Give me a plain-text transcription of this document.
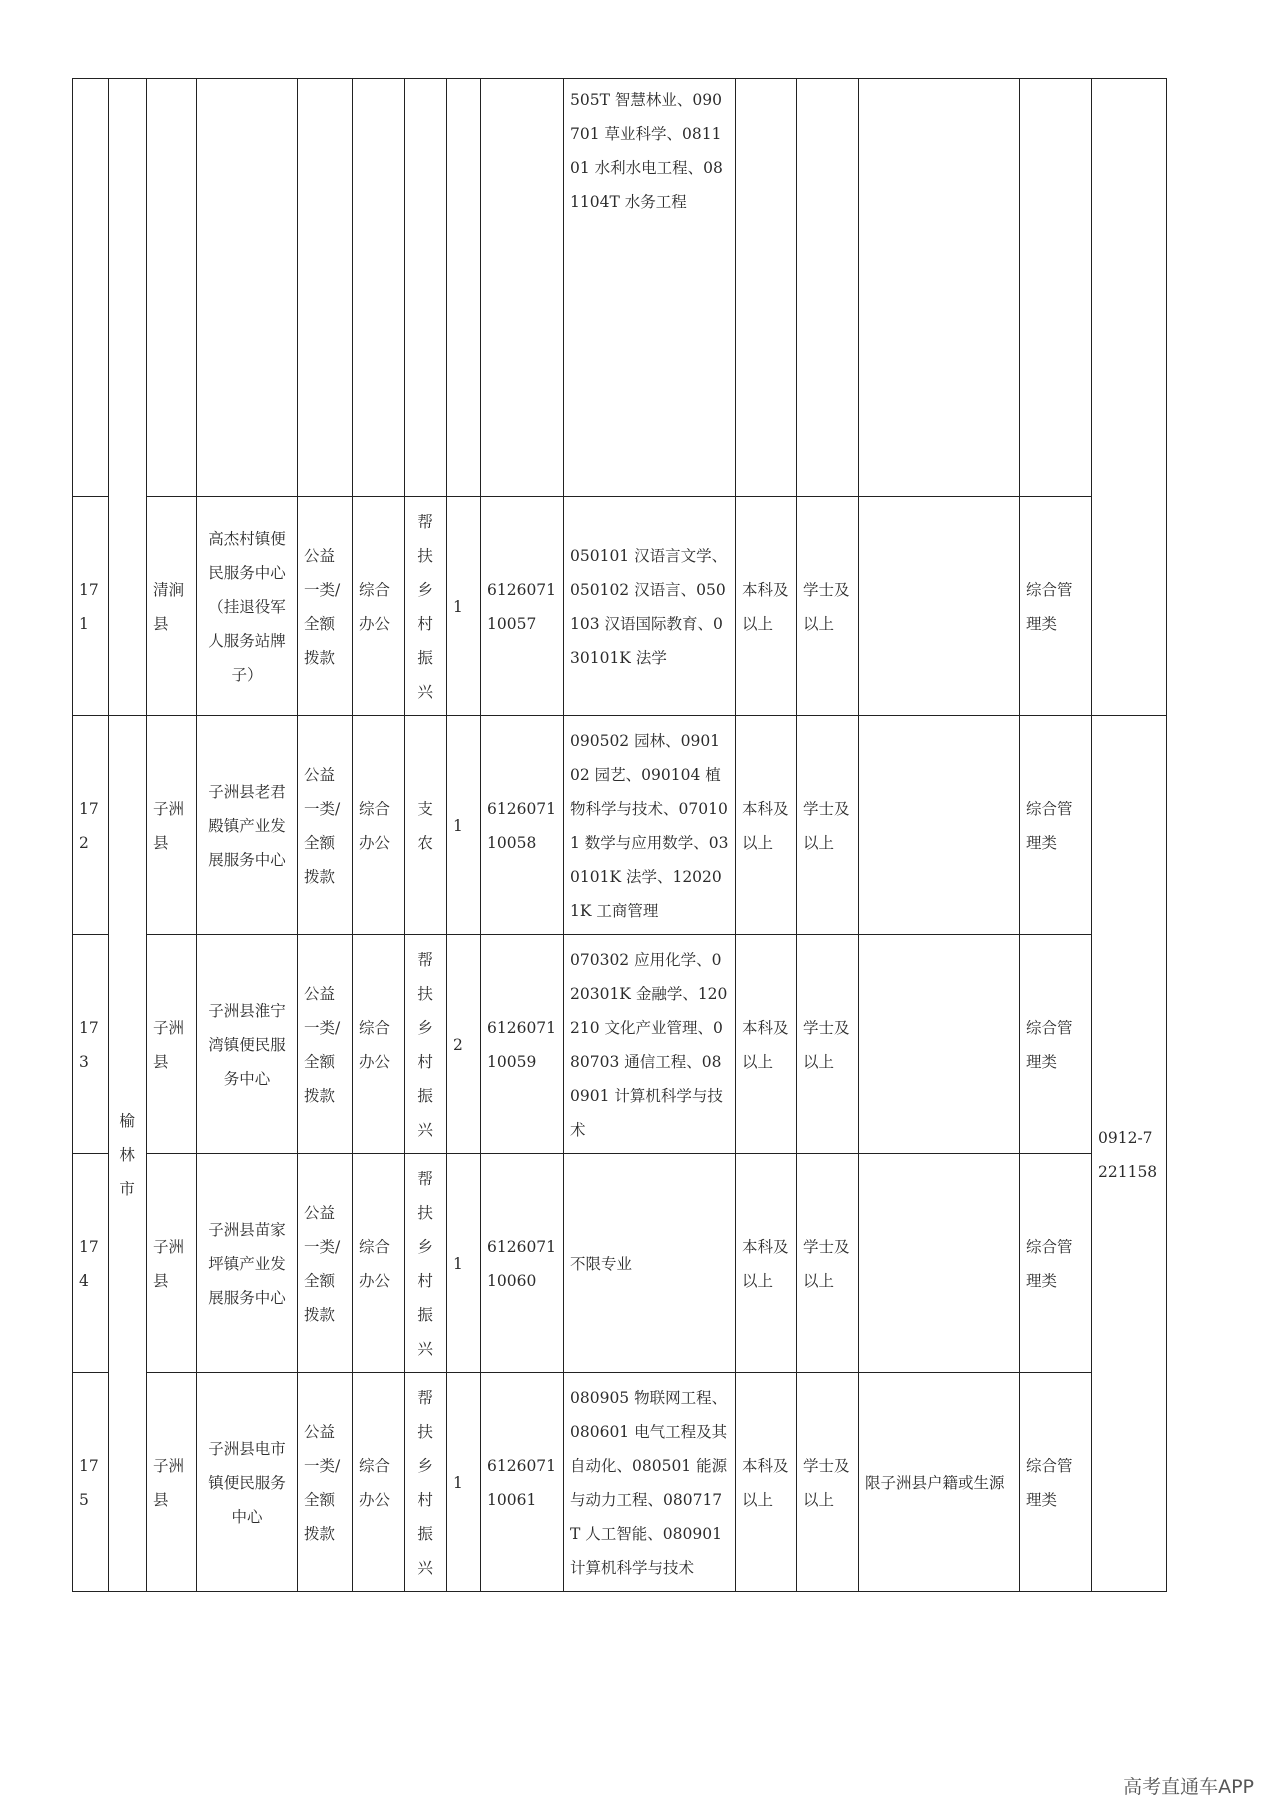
									505T 智慧林业、090701 草业科学、081101 水利水电工程、081104T 水务工程					
171		清涧县	高杰村镇便民服务中心（挂退役军人服务站牌子）	公益一类/全额拨款	综合办公	帮扶乡村振兴	1	612607110057	050101 汉语言文学、050102 汉语言、050103 汉语国际教育、030101K 法学	本科及以上	学士及以上		综合管理类	
172	榆林市	子洲县	子洲县老君殿镇产业发展服务中心	公益一类/全额拨款	综合办公	支农	1	612607110058	090502 园林、090102 园艺、090104 植物科学与技术、070101 数学与应用数学、030101K 法学、120201K 工商管理	本科及以上	学士及以上		综合管理类	0912-7221158
173		子洲县	子洲县淮宁湾镇便民服务中心	公益一类/全额拨款	综合办公	帮扶乡村振兴	2	612607110059	070302 应用化学、020301K 金融学、120210 文化产业管理、080703 通信工程、080901 计算机科学与技术	本科及以上	学士及以上		综合管理类	
174		子洲县	子洲县苗家坪镇产业发展服务中心	公益一类/全额拨款	综合办公	帮扶乡村振兴	1	612607110060	不限专业	本科及以上	学士及以上		综合管理类	
175		子洲县	子洲县电市镇便民服务中心	公益一类/全额拨款	综合办公	帮扶乡村振兴	1	612607110061	080905 物联网工程、080601 电气工程及其自动化、080501 能源与动力工程、080717T 人工智能、080901 计算机科学与技术	本科及以上	学士及以上	限子洲县户籍或生源	综合管理类	
高考直通车APP
